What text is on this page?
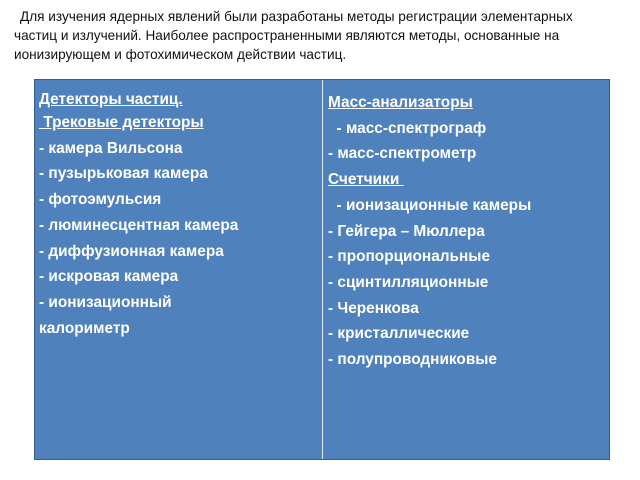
Для изучения ядерных явлений были разработаны методы регистрации элементарных
частиц и излучений. Наиболее распространенными являются методы, основанные на
ионизирующем и фотохимическом действии частиц.
Детекторы частиц.
Трековые детекторы
- камера Вильсона
- пузырьковая камера
- фотоэмульсия
- люминесцентная камера
- диффузионная камера
- искровая камера
- ионизационный калориметр
Масс-анализаторы
- масс-спектрограф
- масс-спектрометр
Счетчики
- ионизационные камеры
- Гейгера – Мюллера
- пропорциональные
- сцинтилляционные
- Черенкова
- кристаллические
- полупроводниковые
